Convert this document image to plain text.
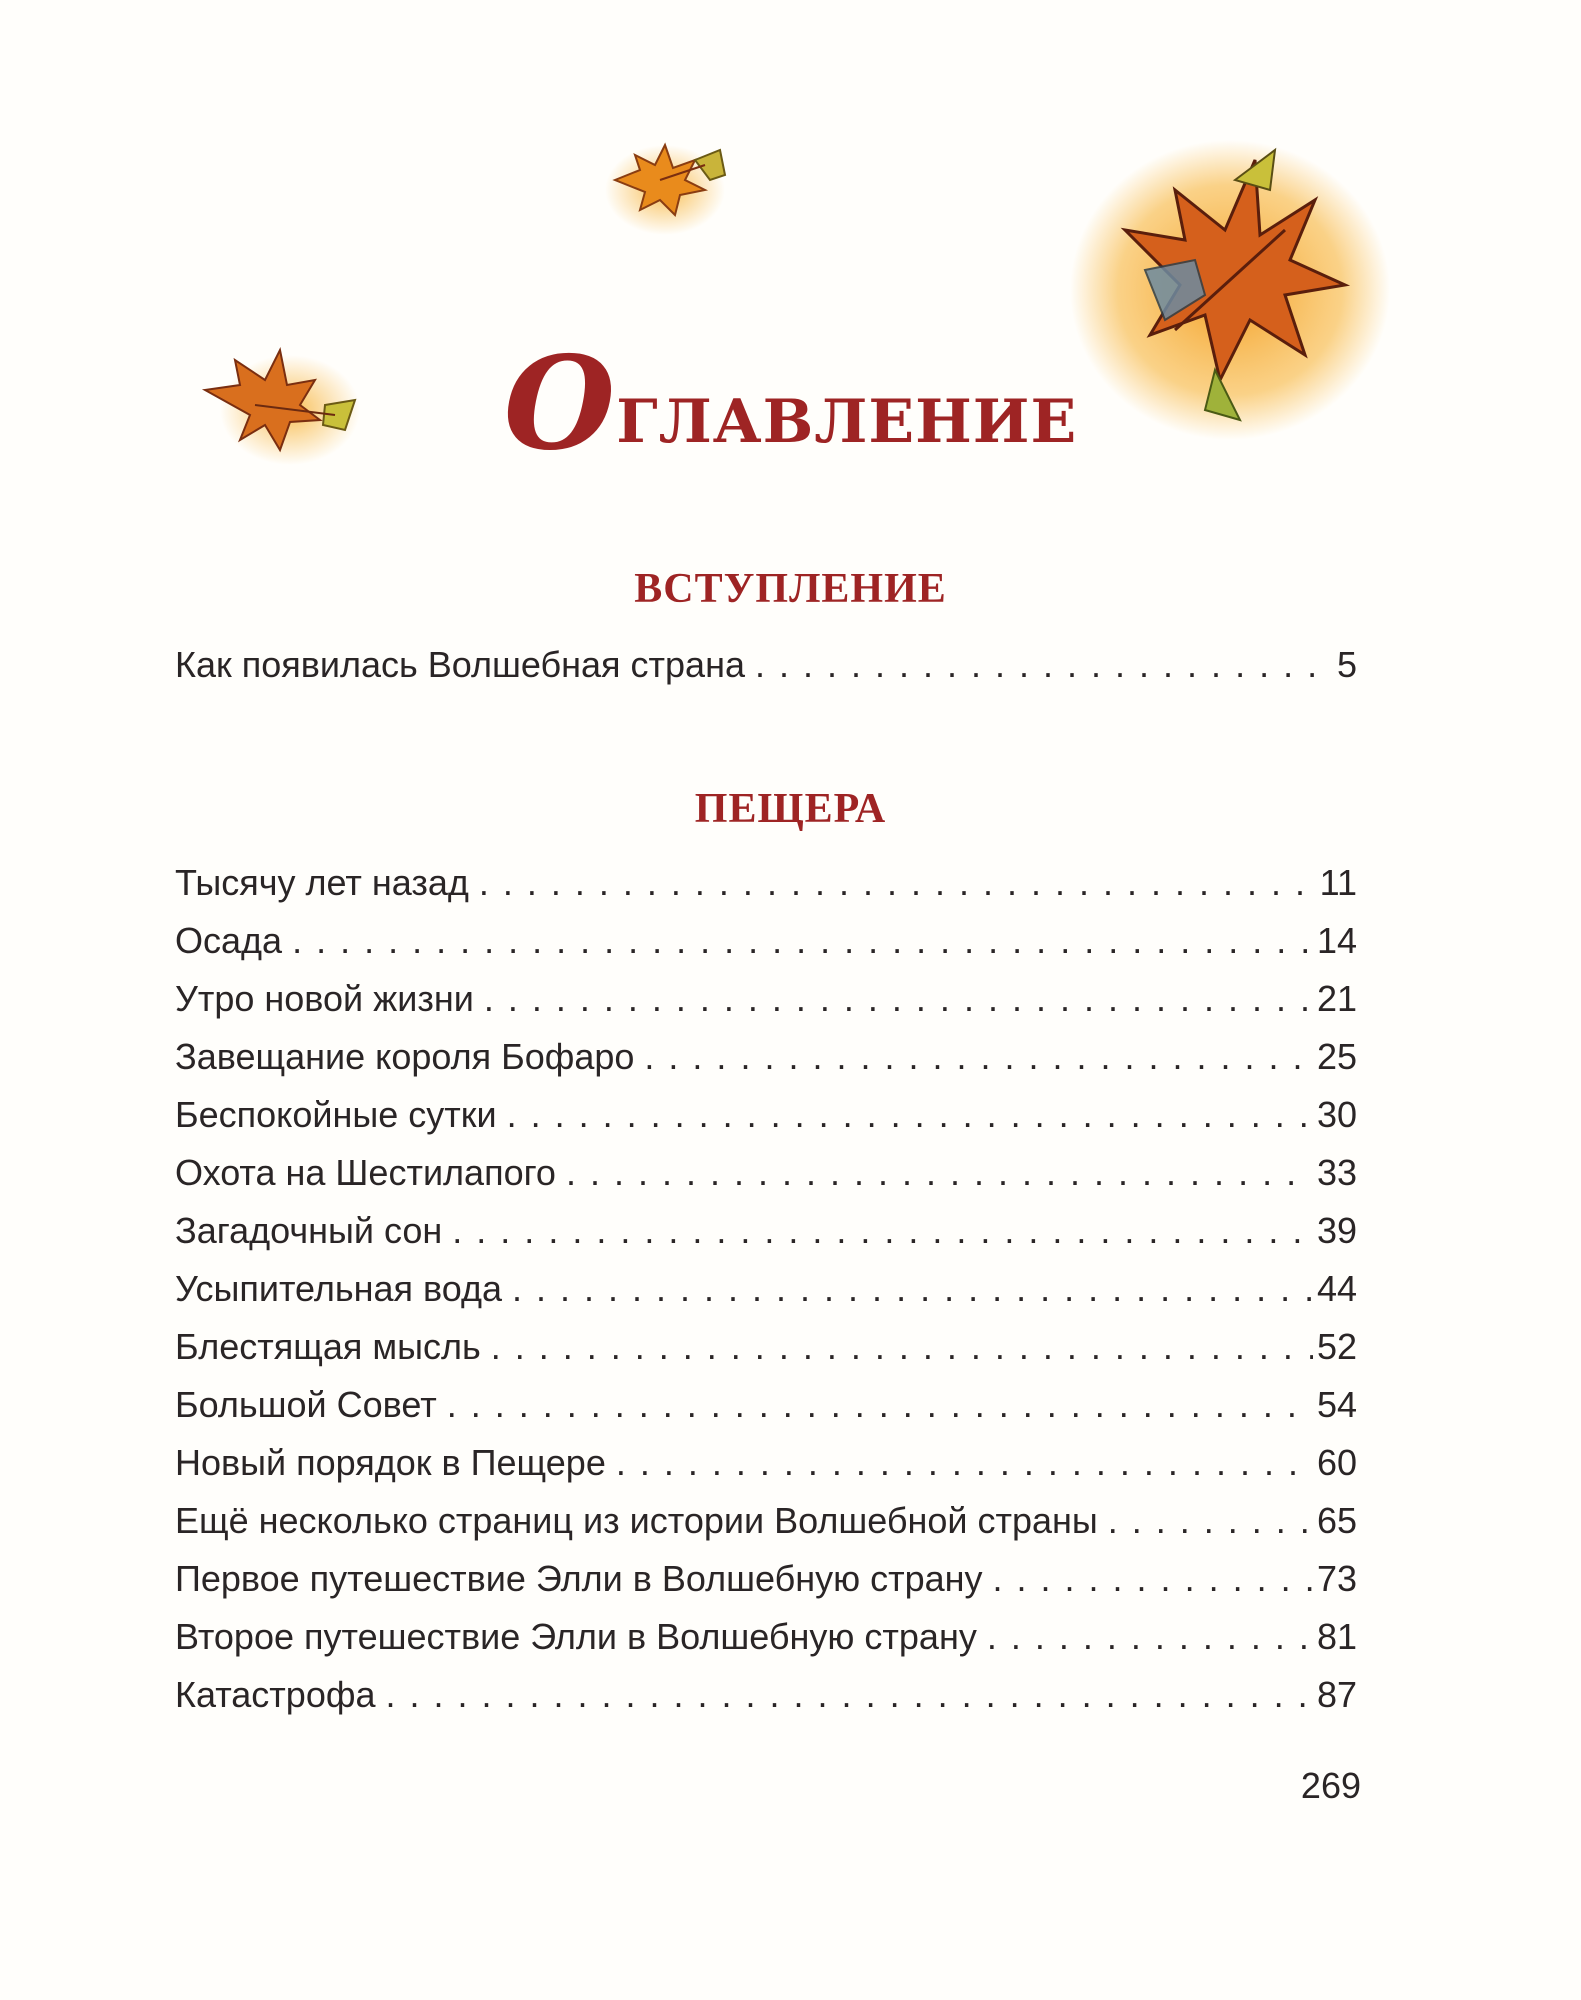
Оглавление
ВСТУПЛЕНИЕ
Как появилась Волшебная страна . . .	5
ПЕЩЕРА
Тысячу лет назад . . .	11
Осада . . .	14
Утро новой жизни . . .	21
Завещание короля Бофаро . . .	25
Беспокойные сутки . . .	30
Охота на Шестилапого . . .	33
Загадочный сон . . .	39
Усыпительная вода . . .	44
Блестящая мысль . . .	52
Большой Совет . . .	54
Новый порядок в Пещере . . .	60
Ещё несколько страниц из истории Волшебной страны . . .	65
Первое путешествие Элли в Волшебную страну . . .	73
Второе путешествие Элли в Волшебную страну . . .	81
Катастрофа . . .	87
269
